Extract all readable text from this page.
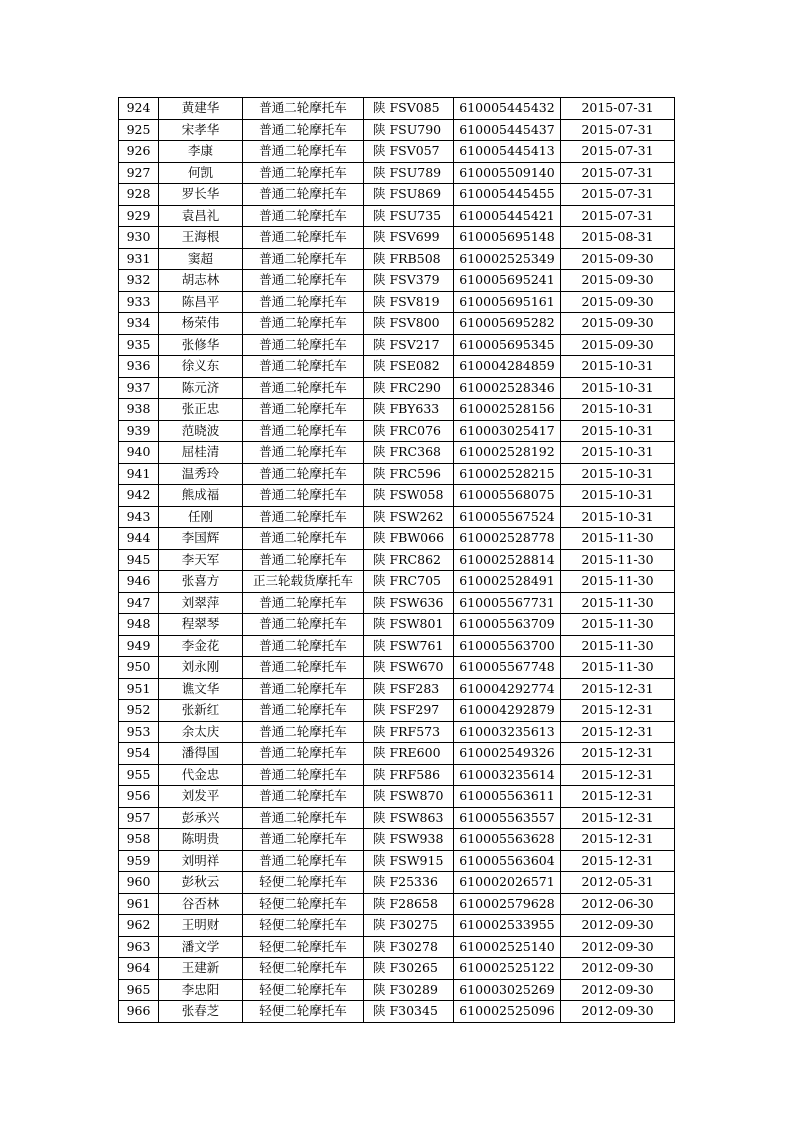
924	黄建华	普通二轮摩托车	陕 FSV085	610005445432	2015-07-31
925	宋孝华	普通二轮摩托车	陕 FSU790	610005445437	2015-07-31
926	李康	普通二轮摩托车	陕 FSV057	610005445413	2015-07-31
927	何凯	普通二轮摩托车	陕 FSU789	610005509140	2015-07-31
928	罗长华	普通二轮摩托车	陕 FSU869	610005445455	2015-07-31
929	袁昌礼	普通二轮摩托车	陕 FSU735	610005445421	2015-07-31
930	王海根	普通二轮摩托车	陕 FSV699	610005695148	2015-08-31
931	窦超	普通二轮摩托车	陕 FRB508	610002525349	2015-09-30
932	胡志林	普通二轮摩托车	陕 FSV379	610005695241	2015-09-30
933	陈昌平	普通二轮摩托车	陕 FSV819	610005695161	2015-09-30
934	杨荣伟	普通二轮摩托车	陕 FSV800	610005695282	2015-09-30
935	张修华	普通二轮摩托车	陕 FSV217	610005695345	2015-09-30
936	徐义东	普通二轮摩托车	陕 FSE082	610004284859	2015-10-31
937	陈元济	普通二轮摩托车	陕 FRC290	610002528346	2015-10-31
938	张正忠	普通二轮摩托车	陕 FBY633	610002528156	2015-10-31
939	范晓波	普通二轮摩托车	陕 FRC076	610003025417	2015-10-31
940	屈桂清	普通二轮摩托车	陕 FRC368	610002528192	2015-10-31
941	温秀玲	普通二轮摩托车	陕 FRC596	610002528215	2015-10-31
942	熊成福	普通二轮摩托车	陕 FSW058	610005568075	2015-10-31
943	任刚	普通二轮摩托车	陕 FSW262	610005567524	2015-10-31
944	李国辉	普通二轮摩托车	陕 FBW066	610002528778	2015-11-30
945	李天军	普通二轮摩托车	陕 FRC862	610002528814	2015-11-30
946	张喜方	正三轮载货摩托车	陕 FRC705	610002528491	2015-11-30
947	刘翠萍	普通二轮摩托车	陕 FSW636	610005567731	2015-11-30
948	程翠琴	普通二轮摩托车	陕 FSW801	610005563709	2015-11-30
949	李金花	普通二轮摩托车	陕 FSW761	610005563700	2015-11-30
950	刘永刚	普通二轮摩托车	陕 FSW670	610005567748	2015-11-30
951	谯文华	普通二轮摩托车	陕 FSF283	610004292774	2015-12-31
952	张新红	普通二轮摩托车	陕 FSF297	610004292879	2015-12-31
953	余太庆	普通二轮摩托车	陕 FRF573	610003235613	2015-12-31
954	潘得国	普通二轮摩托车	陕 FRE600	610002549326	2015-12-31
955	代金忠	普通二轮摩托车	陕 FRF586	610003235614	2015-12-31
956	刘发平	普通二轮摩托车	陕 FSW870	610005563611	2015-12-31
957	彭承兴	普通二轮摩托车	陕 FSW863	610005563557	2015-12-31
958	陈明贵	普通二轮摩托车	陕 FSW938	610005563628	2015-12-31
959	刘明祥	普通二轮摩托车	陕 FSW915	610005563604	2015-12-31
960	彭秋云	轻便二轮摩托车	陕 F25336	610002026571	2012-05-31
961	谷否林	轻便二轮摩托车	陕 F28658	610002579628	2012-06-30
962	王明财	轻便二轮摩托车	陕 F30275	610002533955	2012-09-30
963	潘文学	轻便二轮摩托车	陕 F30278	610002525140	2012-09-30
964	王建新	轻便二轮摩托车	陕 F30265	610002525122	2012-09-30
965	李忠阳	轻便二轮摩托车	陕 F30289	610003025269	2012-09-30
966	张春芝	轻便二轮摩托车	陕 F30345	610002525096	2012-09-30
